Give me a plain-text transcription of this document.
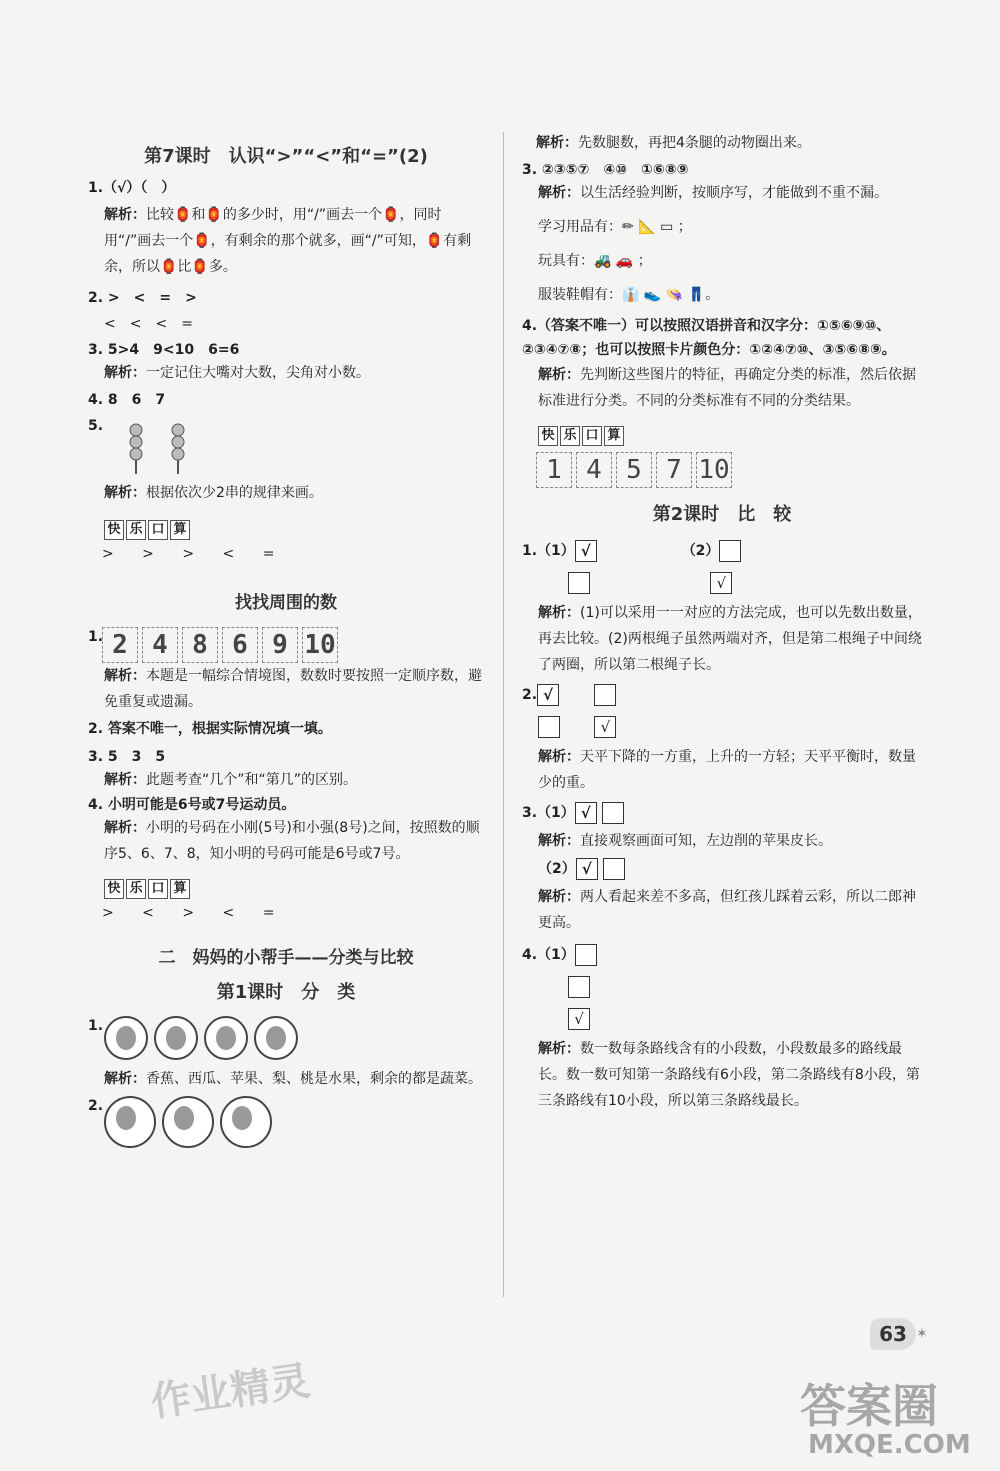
第7课时　认识“>”“<”和“=”(2)
1.（√）（　）
解析：比较🏮和🏮的多少时，用“/”画去一个🏮，同时用“/”画去一个🏮，有剩余的那个就多，画“/”可知，🏮有剩余，所以🏮比🏮多。
2. >　<　=　>
<　<　<　=
3. 5>4　9<10　6=6
解析：一定记住大嘴对大数，尖角对小数。
4. 8　6　7
5.
解析：根据依次少2串的规律来画。
快 乐 口 算
> > > < =
找找周围的数
1. 2 4 8 6 9 10
解析：本题是一幅综合情境图，数数时要按照一定顺序数，避免重复或遗漏。
2. 答案不唯一，根据实际情况填一填。
3. 5　3　5
解析：此题考查“几个”和“第几”的区别。
4. 小明可能是6号或7号运动员。
解析：小明的号码在小刚(5号)和小强(8号)之间，按照数的顺序5、6、7、8，知小明的号码可能是6号或7号。
快 乐 口 算
> < > < =
二　妈妈的小帮手——分类与比较
第1课时　分　类
1.
解析：香蕉、西瓜、苹果、梨、桃是水果，剩余的都是蔬菜。
2.
解析：先数腿数，再把4条腿的动物圈出来。
3. ②③⑤⑦　④⑩　①⑥⑧⑨
解析：以生活经验判断，按顺序写，才能做到不重不漏。
学习用品有：✏ 📐 ▭ ；
玩具有：🚜 🚗 ；
服装鞋帽有：👔 👟 👒 👖。
4.（答案不唯一）可以按照汉语拼音和汉字分：①⑤⑥⑨⑩、②③④⑦⑧；也可以按照卡片颜色分：①②④⑦⑩、③⑤⑥⑧⑨。
解析：先判断这些图片的特征，再确定分类的标准，然后依据标准进行分类。不同的分类标准有不同的分类结果。
快 乐 口 算
1 4 5 7 10
第2课时　比　较
1.（1） √	（2）
√
解析：(1)可以采用一一对应的方法完成，也可以先数出数量，再去比较。(2)两根绳子虽然两端对齐，但是第二根绳子中间绕了两圈，所以第二根绳子长。
2. √
√
解析：天平下降的一方重，上升的一方轻；天平平衡时，数量少的重。
3.（1） √
解析：直接观察画面可知，左边削的苹果皮长。
（2） √
解析：两人看起来差不多高，但红孩儿踩着云彩，所以二郎神更高。
4.（1）
√
解析：数一数每条路线含有的小段数，小段数最多的路线最长。数一数可知第一条路线有6小段，第二条路线有8小段，第三条路线有10小段，所以第三条路线最长。
63 ✶
作业精灵	答案圈
MXQE.COM
